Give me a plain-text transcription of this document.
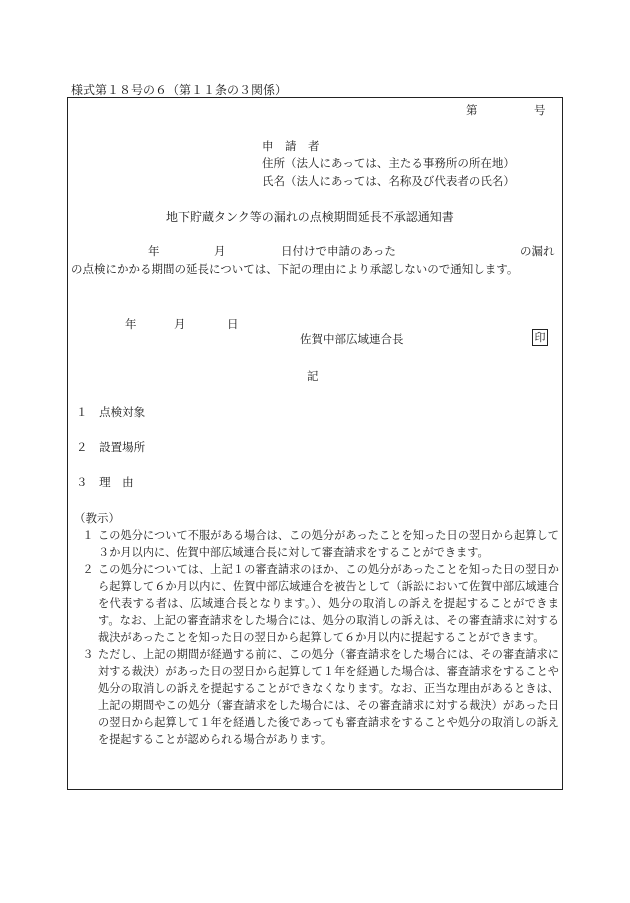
様式第１８号の６（第１１条の３関係）
第	号
申　請　者
住所（法人にあっては、主たる事務所の所在地）
氏名（法人にあっては、名称及び代表者の氏名）
地下貯蔵タンク等の漏れの点検期間延長不承認通知書
年	月	日付けで申請のあった	の漏れ
の点検にかかる期間の延長については、下記の理由により承認しないので通知します。
年	月	日
佐賀中部広域連合長	印
記
１ 点検対象
２ 設置場所
３ 理　由
（教示）
１ この処分について不服がある場合は、この処分があったことを知った日の翌日から起算して３か月以内に、佐賀中部広域連合長に対して審査請求をすることができます。
２ この処分については、上記１の審査請求のほか、この処分があったことを知った日の翌日から起算して６か月以内に、佐賀中部広域連合を被告として（訴訟において佐賀中部広域連合を代表する者は、広域連合長となります。）、処分の取消しの訴えを提起することができます。なお、上記の審査請求をした場合には、処分の取消しの訴えは、その審査請求に対する裁決があったことを知った日の翌日から起算して６か月以内に提起することができます。
３ ただし、上記の期間が経過する前に、この処分（審査請求をした場合には、その審査請求に対する裁決）があった日の翌日から起算して１年を経過した場合は、審査請求をすることや処分の取消しの訴えを提起することができなくなります。なお、正当な理由があるときは、上記の期間やこの処分（審査請求をした場合には、その審査請求に対する裁決）があった日の翌日から起算して１年を経過した後であっても審査請求をすることや処分の取消しの訴えを提起することが認められる場合があります。
